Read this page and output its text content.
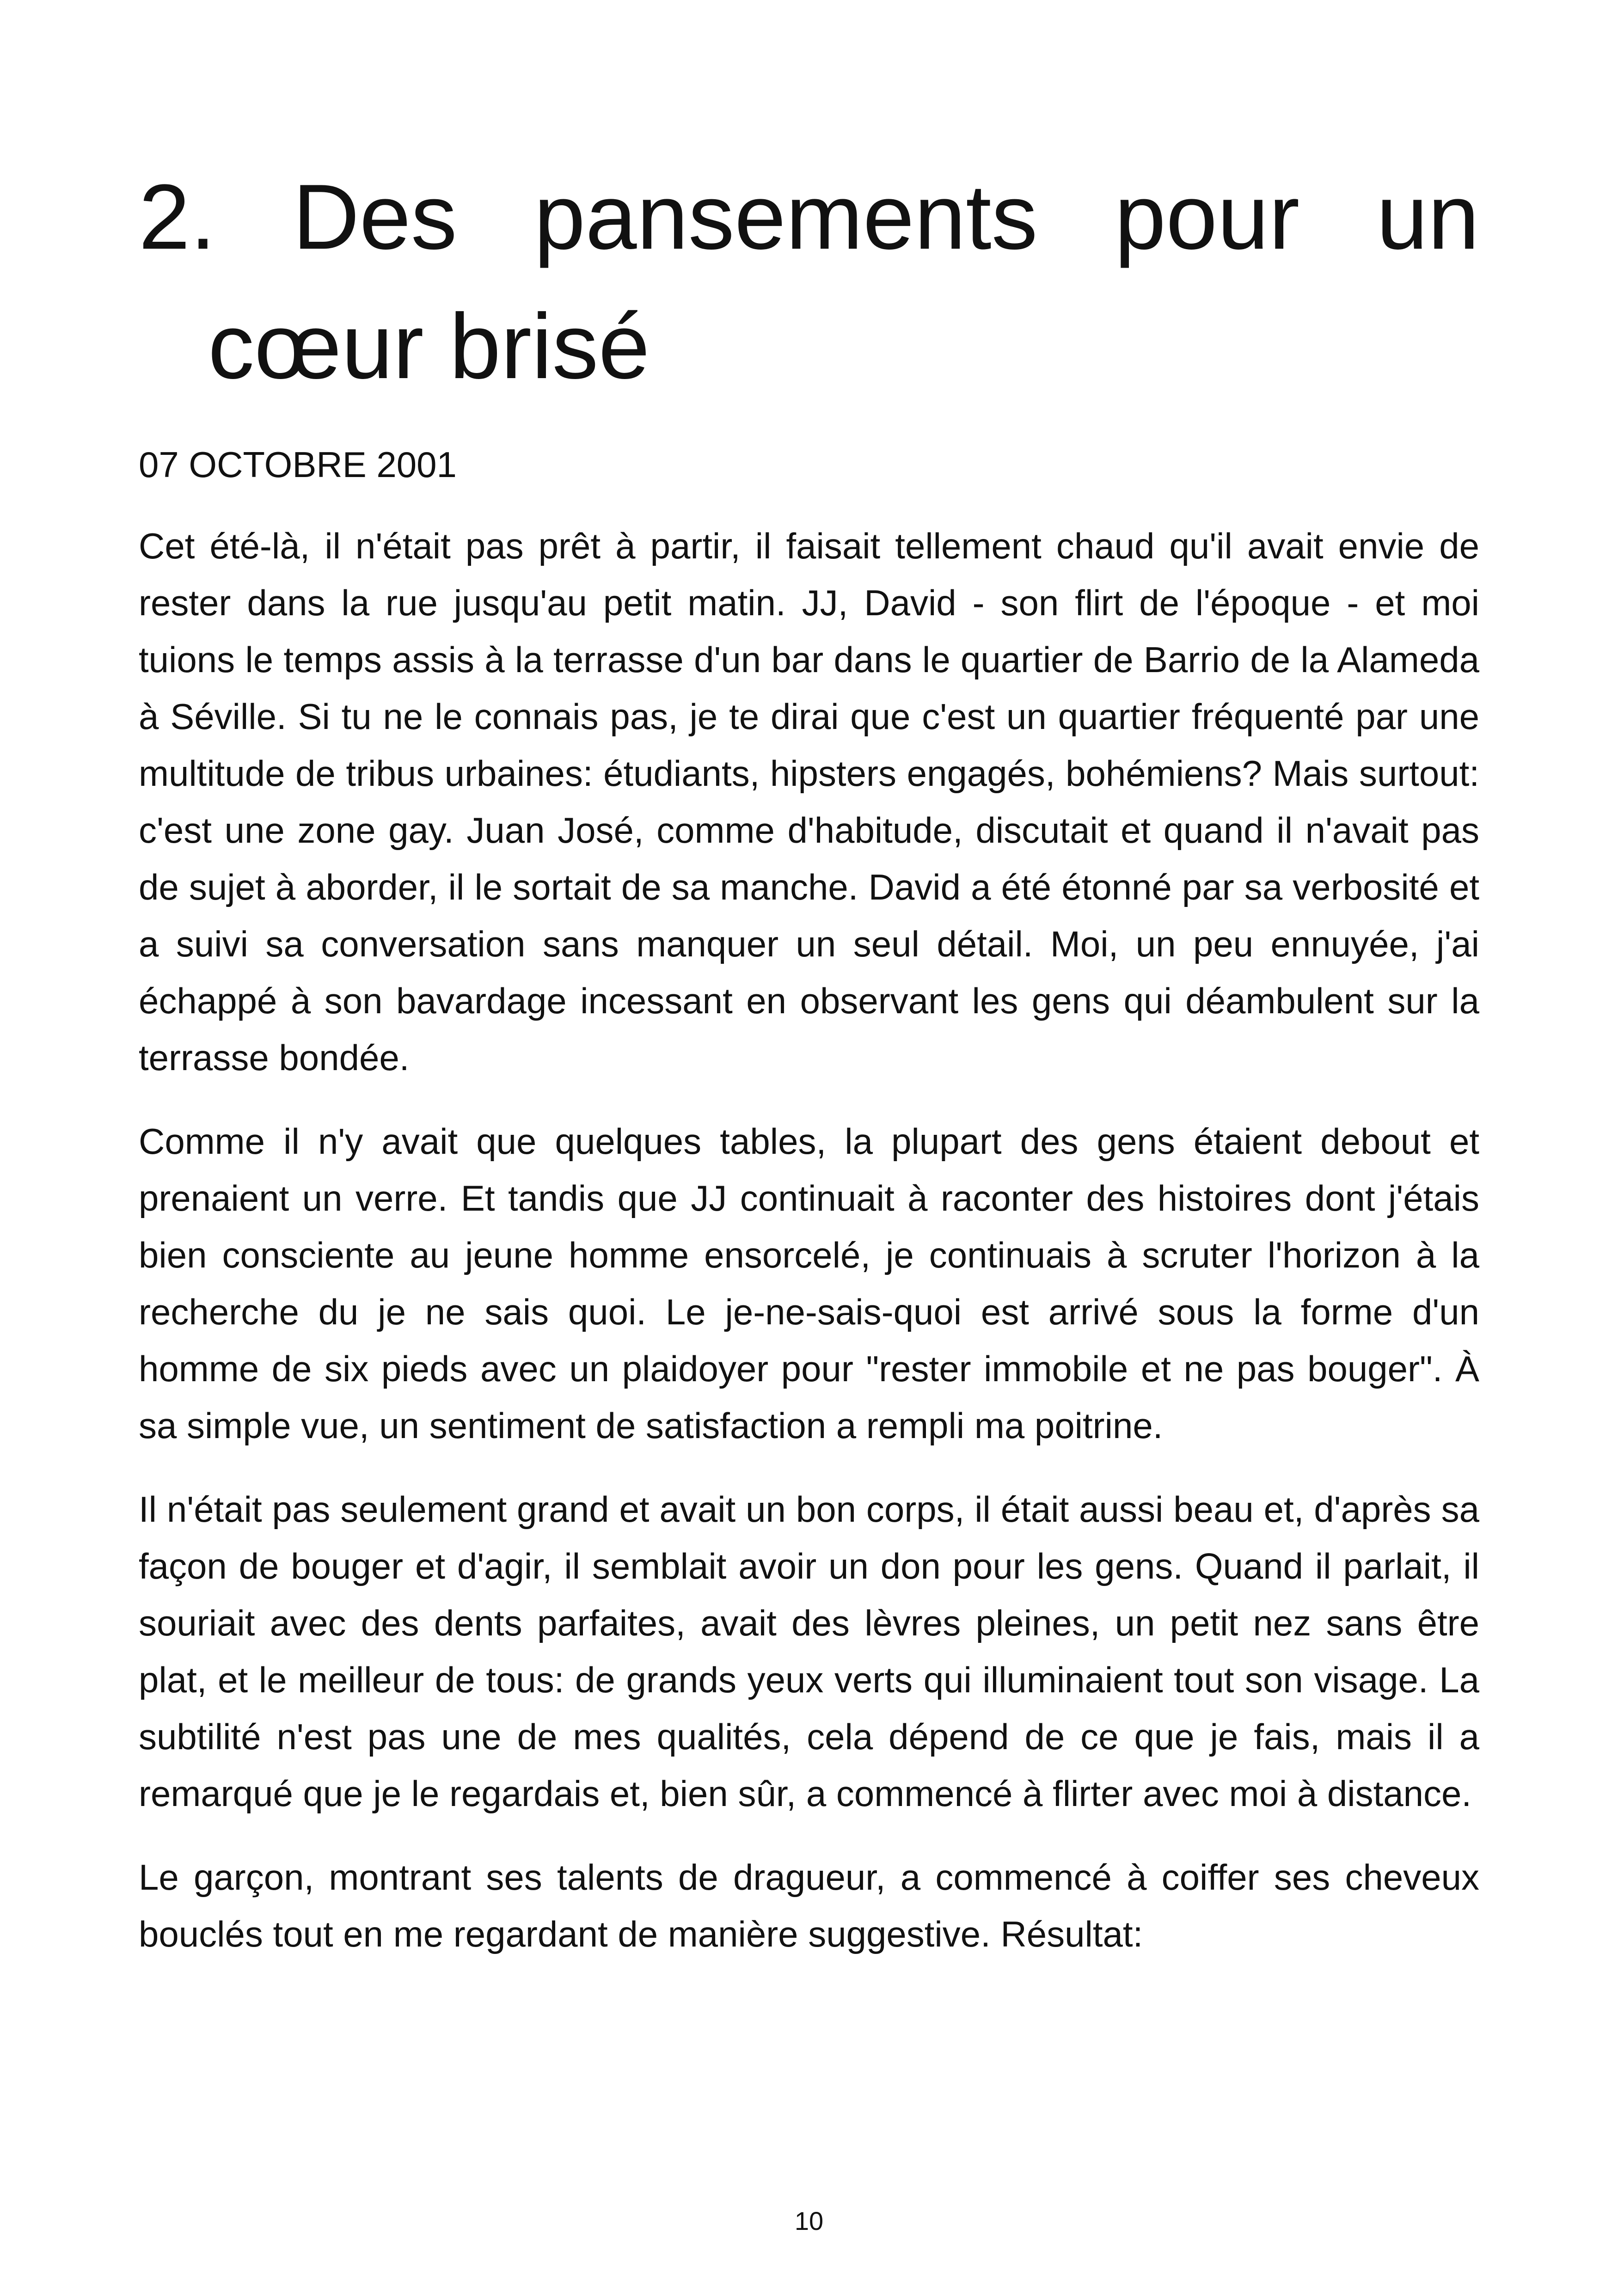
2. Des pansements pour un
cœur brisé

07 OCTOBRE 2001

Cet été-là, il n'était pas prêt à partir, il faisait tellement chaud qu'il avait envie de rester dans la rue jusqu'au petit matin. JJ, David - son flirt de l'époque - et moi tuions le temps assis à la terrasse d'un bar dans le quartier de Barrio de la Alameda à Séville. Si tu ne le connais pas, je te dirai que c'est un quartier fréquenté par une multitude de tribus urbaines: étudiants, hipsters engagés, bohémiens? Mais surtout: c'est une zone gay. Juan José, comme d'habitude, discutait et quand il n'avait pas de sujet à aborder, il le sortait de sa manche. David a été étonné par sa verbosité et a suivi sa conversation sans manquer un seul détail. Moi, un peu ennuyée, j'ai échappé à son bavardage incessant en observant les gens qui déambulent sur la terrasse bondée.

Comme il n'y avait que quelques tables, la plupart des gens étaient debout et prenaient un verre. Et tandis que JJ continuait à raconter des histoires dont j'étais bien consciente au jeune homme ensorcelé, je continuais à scruter l'horizon à la recherche du je ne sais quoi. Le je-ne-sais-quoi est arrivé sous la forme d'un homme de six pieds avec un plaidoyer pour "rester immobile et ne pas bouger". À sa simple vue, un sentiment de satisfaction a rempli ma poitrine.

Il n'était pas seulement grand et avait un bon corps, il était aussi beau et, d'après sa façon de bouger et d'agir, il semblait avoir un don pour les gens. Quand il parlait, il souriait avec des dents parfaites, avait des lèvres pleines, un petit nez sans être plat, et le meilleur de tous: de grands yeux verts qui illuminaient tout son visage. La subtilité n'est pas une de mes qualités, cela dépend de ce que je fais, mais il a remarqué que je le regardais et, bien sûr, a commencé à flirter avec moi à distance.

Le garçon, montrant ses talents de dragueur, a commencé à coiffer ses cheveux bouclés tout en me regardant de manière suggestive. Résultat:

10
